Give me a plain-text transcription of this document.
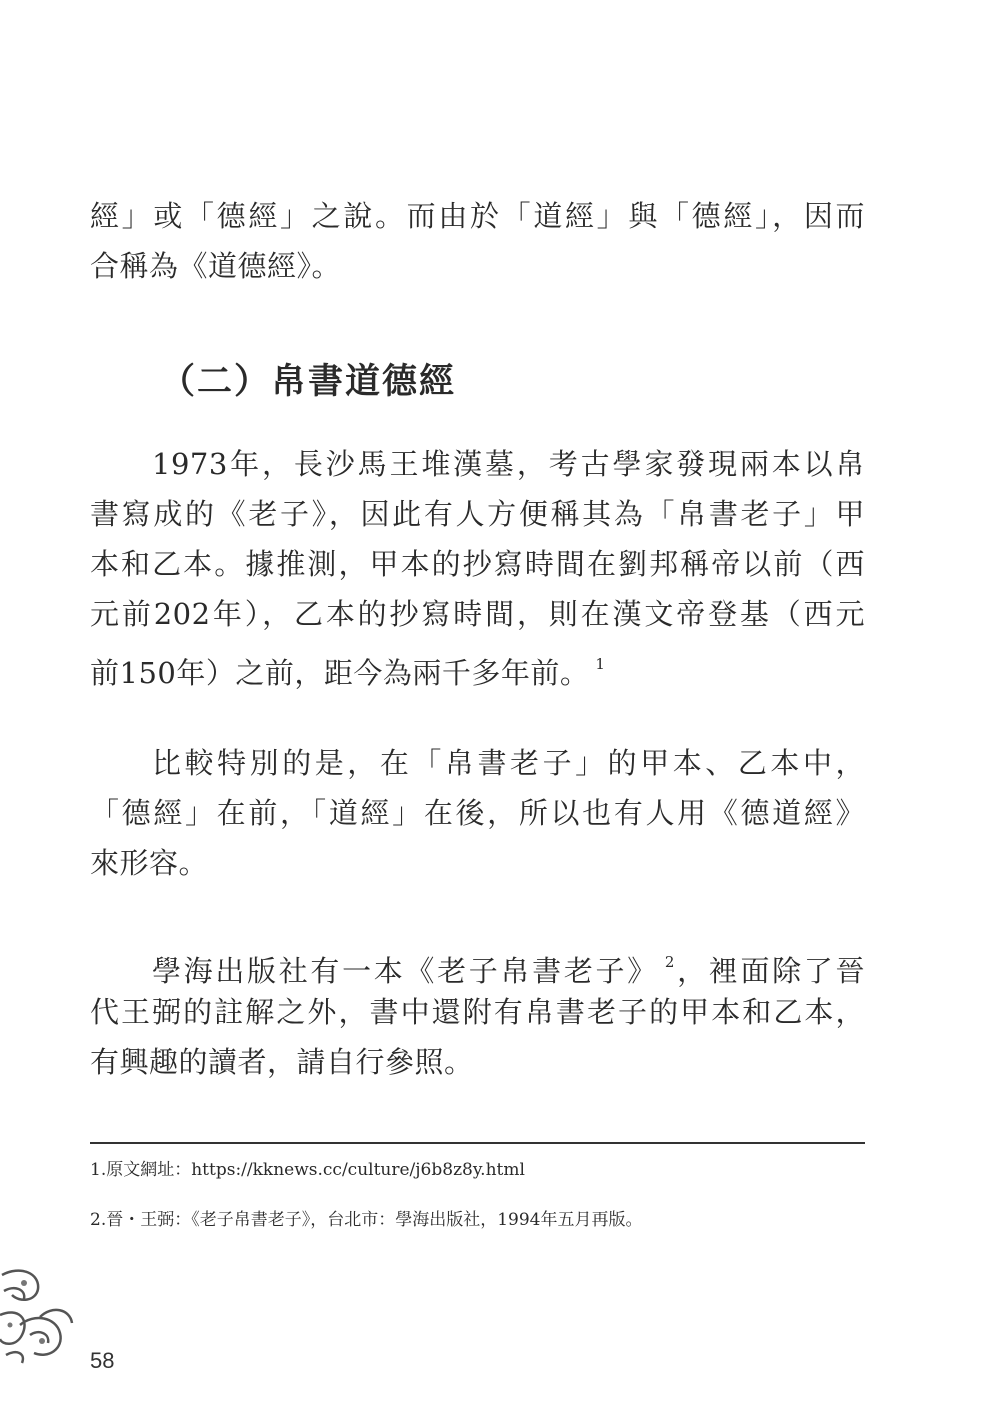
經」或「德經」之說。而由於「道經」與「德經」，因而
合稱為《道德經》。
（二）帛書道德經
1973年，長沙馬王堆漢墓，考古學家發現兩本以帛
書寫成的《老子》，因此有人方便稱其為「帛書老子」甲
本和乙本。據推測，甲本的抄寫時間在劉邦稱帝以前（西
元前202年），乙本的抄寫時間，則在漢文帝登基（西元
前150年）之前，距今為兩千多年前。 $^1$
比較特別的是，在「帛書老子」的甲本、乙本中，
「德經」在前，「道經」在後，所以也有人用《德道經》
來形容。
學海出版社有一本《老子帛書老子》 $^2$，裡面除了晉
代王弼的註解之外，書中還附有帛書老子的甲本和乙本，
有興趣的讀者，請自行參照。
1.原文網址：https://kknews.cc/culture/j6b8z8y.html
2.晉・王弼：《老子帛書老子》，台北市：學海出版社，1994年五月再版。
58
